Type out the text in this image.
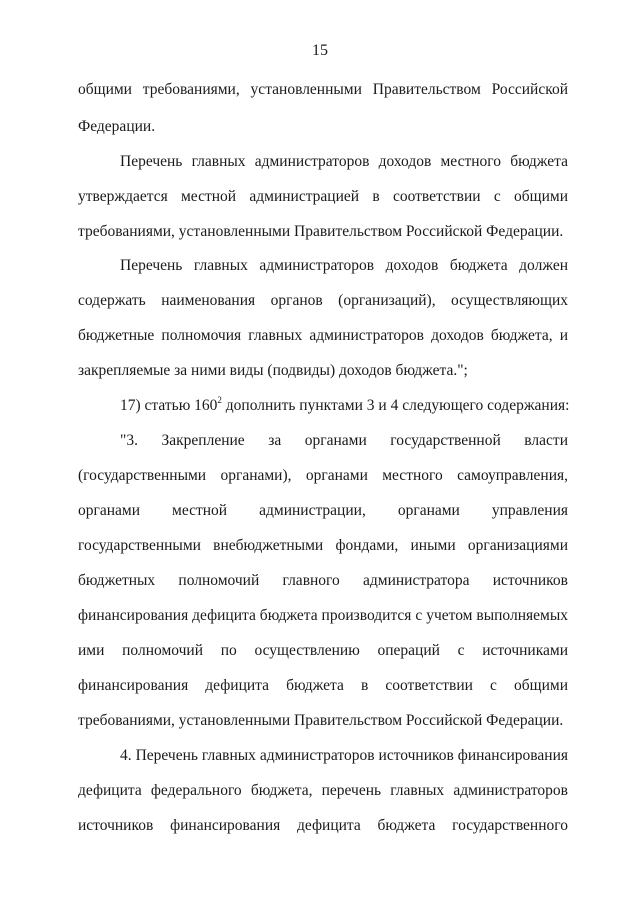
15
общими требованиями, установленными Правительством Российской
Федерации.
Перечень главных администраторов доходов местного бюджета
утверждается местной администрацией в соответствии с общими
требованиями, установленными Правительством Российской Федерации.
Перечень главных администраторов доходов бюджета должен
содержать наименования органов (организаций), осуществляющих
бюджетные полномочия главных администраторов доходов бюджета, и
закрепляемые за ними виды (подвиды) доходов бюджета.";
17) статью $160^2$ дополнить пунктами 3 и 4 следующего содержания:
"3. Закрепление за органами государственной власти
(государственными органами), органами местного самоуправления,
органами местной администрации, органами управления
государственными внебюджетными фондами, иными организациями
бюджетных полномочий главного администратора источников
финансирования дефицита бюджета производится с учетом выполняемых
ими полномочий по осуществлению операций с источниками
финансирования дефицита бюджета в соответствии с общими
требованиями, установленными Правительством Российской Федерации.
4. Перечень главных администраторов источников финансирования
дефицита федерального бюджета, перечень главных администраторов
источников финансирования дефицита бюджета государственного
